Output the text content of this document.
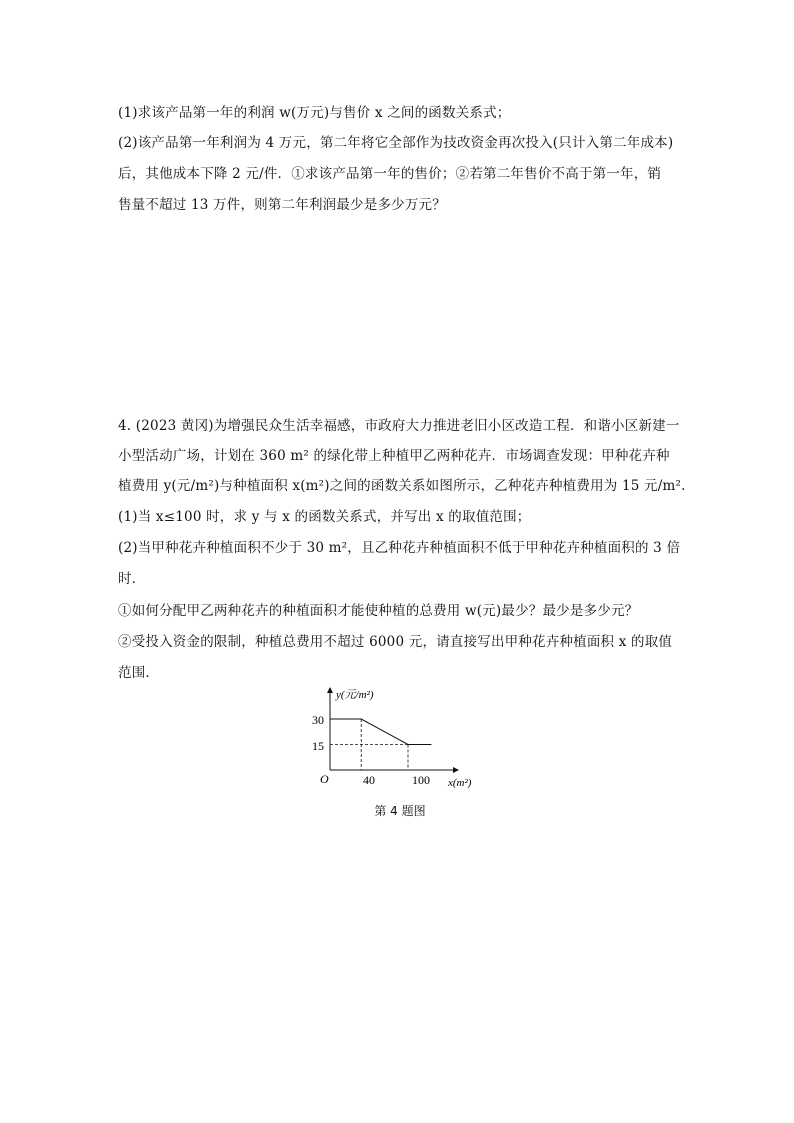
(1)求该产品第一年的利润 w(万元)与售价 x 之间的函数关系式；
(2)该产品第一年利润为 4 万元，第二年将它全部作为技改资金再次投入(只计入第二年成本)
后，其他成本下降 2 元/件．①求该产品第一年的售价；②若第二年售价不高于第一年，销
售量不超过 13 万件，则第二年利润最少是多少万元？
4. (2023 黄冈)为增强民众生活幸福感，市政府大力推进老旧小区改造工程．和谐小区新建一
小型活动广场，计划在 360 m² 的绿化带上种植甲乙两种花卉．市场调查发现：甲种花卉种
植费用 y(元/m²)与种植面积 x(m²)之间的函数关系如图所示，乙种花卉种植费用为 15 元/m².
(1)当 x≤100 时，求 y 与 x 的函数关系式，并写出 x 的取值范围；
(2)当甲种花卉种植面积不少于 30 m²，且乙种花卉种植面积不低于甲种花卉种植面积的 3 倍
时．
①如何分配甲乙两种花卉的种植面积才能使种植的总费用 w(元)最少？最少是多少元？
②受投入资金的限制，种植总费用不超过 6000 元，请直接写出甲种花卉种植面积 x 的取值
范围．
y(元/m²)
x(m²)
O
30
15
40	100
第 4 题图
